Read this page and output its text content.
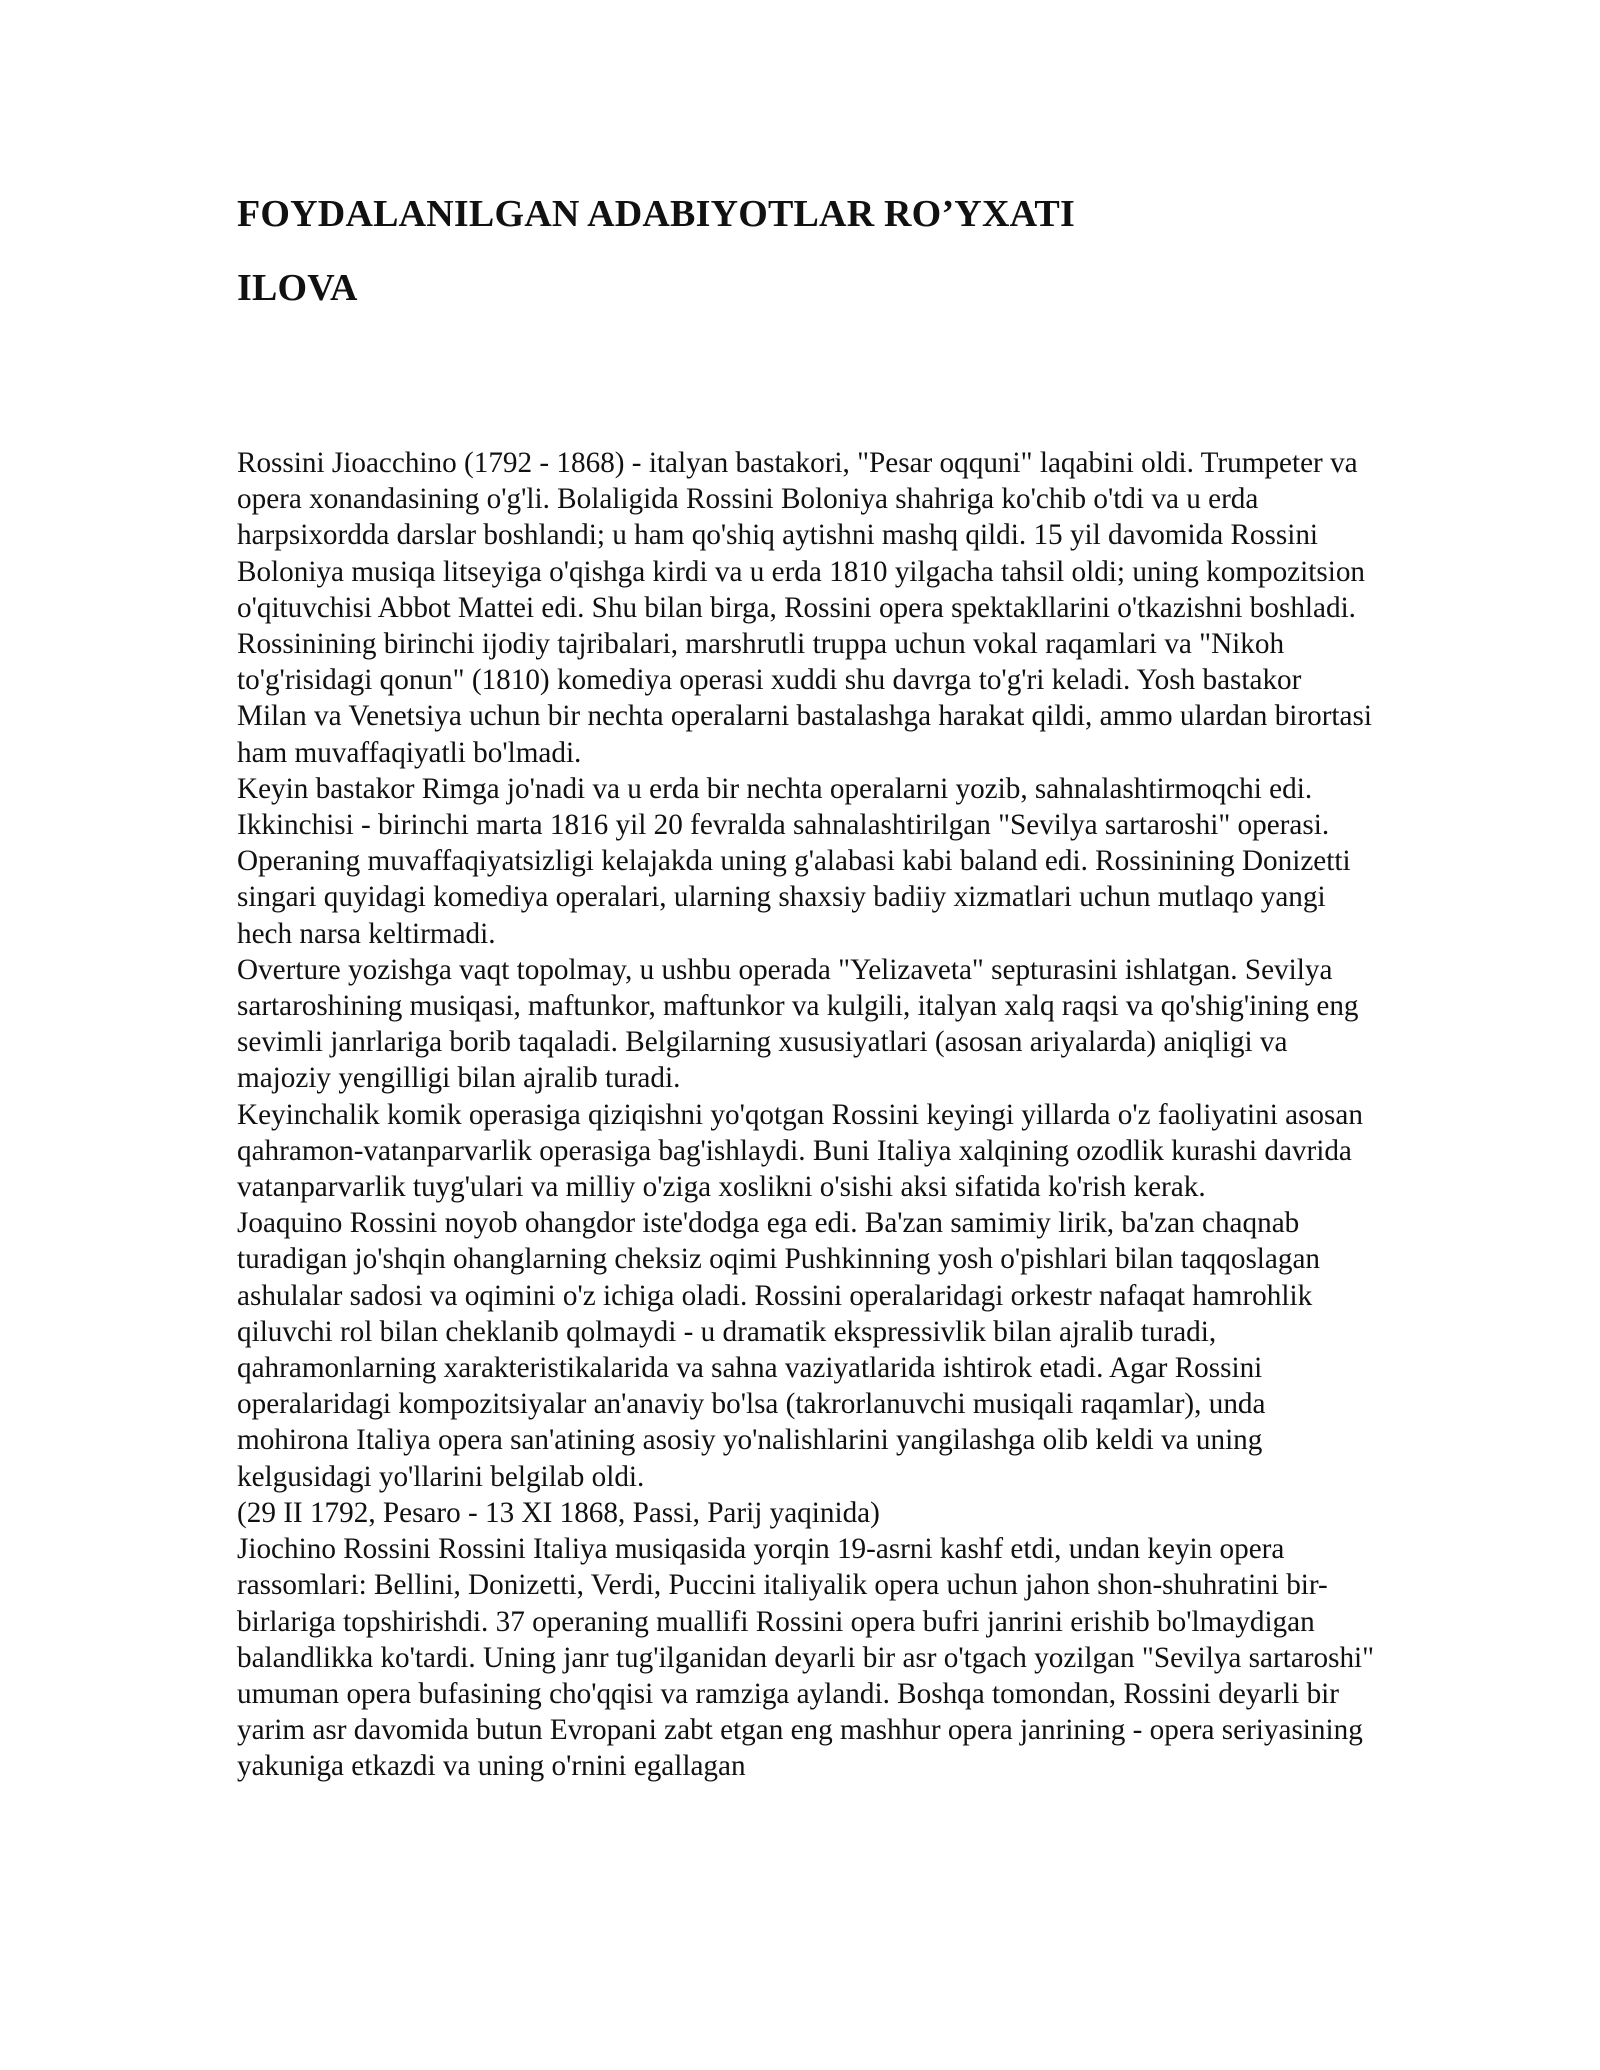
FOYDALANILGAN ADABIYOTLAR RO’YXATI
ILOVA

Rossini Jioacchino (1792 - 1868) - italyan bastakori, "Pesar oqquni" laqabini oldi. Trumpeter va opera xonandasining o'g'li. Bolaligida Rossini Boloniya shahriga ko'chib o'tdi va u erda harpsixordda darslar boshlandi; u ham qo'shiq aytishni mashq qildi. 15 yil davomida Rossini Boloniya musiqa litseyiga o'qishga kirdi va u erda 1810 yilgacha tahsil oldi; uning kompozitsion o'qituvchisi Abbot Mattei edi. Shu bilan birga, Rossini opera spektakllarini o'tkazishni boshladi. Rossinining birinchi ijodiy tajribalari, marshrutli truppa uchun vokal raqamlari va "Nikoh to'g'risidagi qonun" (1810) komediya operasi xuddi shu davrga to'g'ri keladi. Yosh bastakor Milan va Venetsiya uchun bir nechta operalarni bastalashga harakat qildi, ammo ulardan birortasi ham muvaffaqiyatli bo'lmadi.

Keyin bastakor Rimga jo'nadi va u erda bir nechta operalarni yozib, sahnalashtirmoqchi edi. Ikkinchisi - birinchi marta 1816 yil 20 fevralda sahnalashtirilgan "Sevilya sartaroshi" operasi. Operaning muvaffaqiyatsizligi kelajakda uning g'alabasi kabi baland edi. Rossinining Donizetti singari quyidagi komediya operalari, ularning shaxsiy badiiy xizmatlari uchun mutlaqo yangi hech narsa keltirmadi.

Overture yozishga vaqt topolmay, u ushbu operada "Yelizaveta" septurasini ishlatgan. Sevilya sartaroshining musiqasi, maftunkor, maftunkor va kulgili, italyan xalq raqsi va qo'shig'ining eng sevimli janrlariga borib taqaladi. Belgilarning xususiyatlari (asosan ariyalarda) aniqligi va majoziy yengilligi bilan ajralib turadi.

Keyinchalik komik operasiga qiziqishni yo'qotgan Rossini keyingi yillarda o'z faoliyatini asosan qahramon-vatanparvarlik operasiga bag'ishlaydi. Buni Italiya xalqining ozodlik kurashi davrida vatanparvarlik tuyg'ulari va milliy o'ziga xoslikni o'sishi aksi sifatida ko'rish kerak.

Joaquino Rossini noyob ohangdor iste'dodga ega edi. Ba'zan samimiy lirik, ba'zan chaqnab turadigan jo'shqin ohanglarning cheksiz oqimi Pushkinning yosh o'pishlari bilan taqqoslagan ashulalar sadosi va oqimini o'z ichiga oladi. Rossini operalaridagi orkestr nafaqat hamrohlik qiluvchi rol bilan cheklanib qolmaydi - u dramatik ekspressivlik bilan ajralib turadi, qahramonlarning xarakteristikalarida va sahna vaziyatlarida ishtirok etadi. Agar Rossini operalaridagi kompozitsiyalar an'anaviy bo'lsa (takrorlanuvchi musiqali raqamlar), unda mohirona Italiya opera san'atining asosiy yo'nalishlarini yangilashga olib keldi va uning kelgusidagi yo'llarini belgilab oldi.

(29 II 1792, Pesaro - 13 XI 1868, Passi, Parij yaqinida)

Jiochino Rossini Rossini Italiya musiqasida yorqin 19-asrni kashf etdi, undan keyin opera rassomlari: Bellini, Donizetti, Verdi, Puccini italiyalik opera uchun jahon shon-shuhratini bir-birlariga topshirishdi. 37 operaning muallifi Rossini opera bufri janrini erishib bo'lmaydigan balandlikka ko'tardi. Uning janr tug'ilganidan deyarli bir asr o'tgach yozilgan "Sevilya sartaroshi" umuman opera bufasining cho'qqisi va ramziga aylandi. Boshqa tomondan, Rossini deyarli bir yarim asr davomida butun Evropani zabt etgan eng mashhur opera janrining - opera seriyasining yakuniga etkazdi va uning o'rnini egallagan
